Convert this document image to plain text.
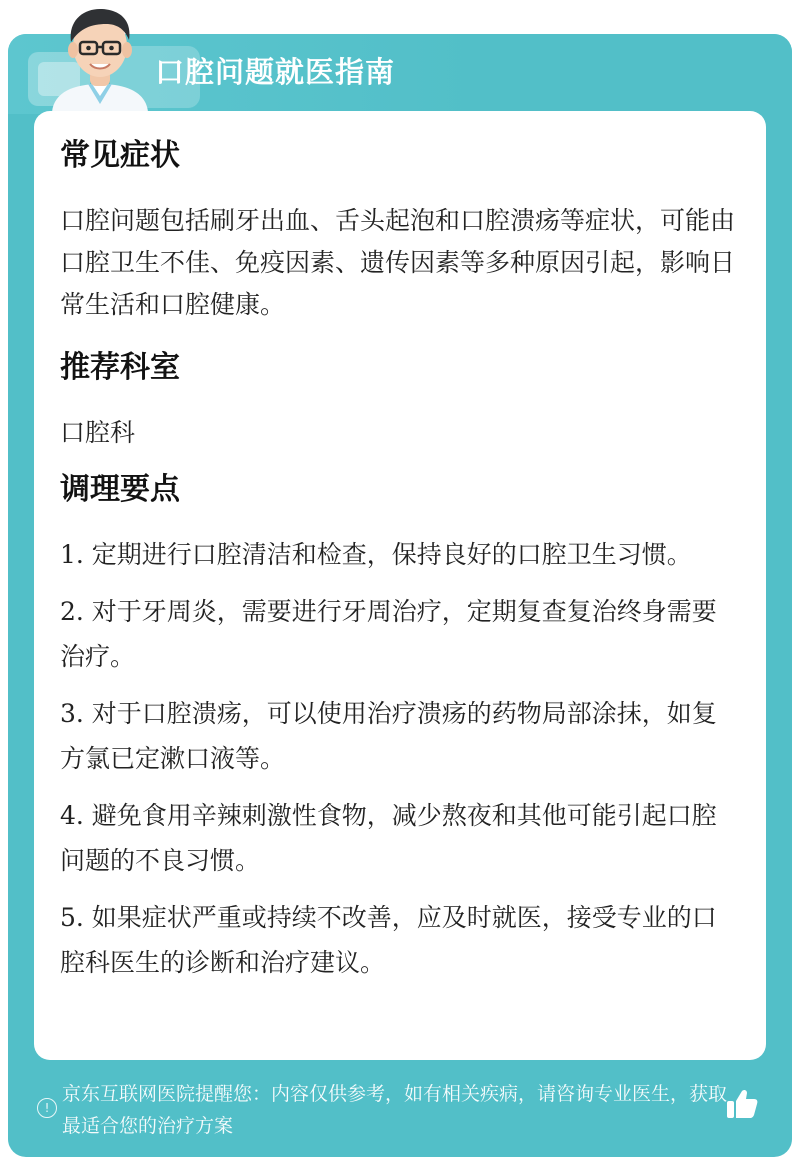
口腔问题就医指南
常见症状

口腔问题包括刷牙出血、舌头起泡和口腔溃疡等症状，可能由口腔卫生不佳、免疫因素、遗传因素等多种原因引起，影响日常生活和口腔健康。

推荐科室

口腔科

调理要点
1. 定期进行口腔清洁和检查，保持良好的口腔卫生习惯。
2. 对于牙周炎，需要进行牙周治疗，定期复查复治终身需要治疗。
3. 对于口腔溃疡，可以使用治疗溃疡的药物局部涂抹，如复方氯已定漱口液等。
4. 避免食用辛辣刺激性食物，减少熬夜和其他可能引起口腔问题的不良习惯。
5. 如果症状严重或持续不改善，应及时就医，接受专业的口腔科医生的诊断和治疗建议。
!
京东互联网医院提醒您：内容仅供参考，如有相关疾病，请咨询专业医生，获取最适合您的治疗方案
